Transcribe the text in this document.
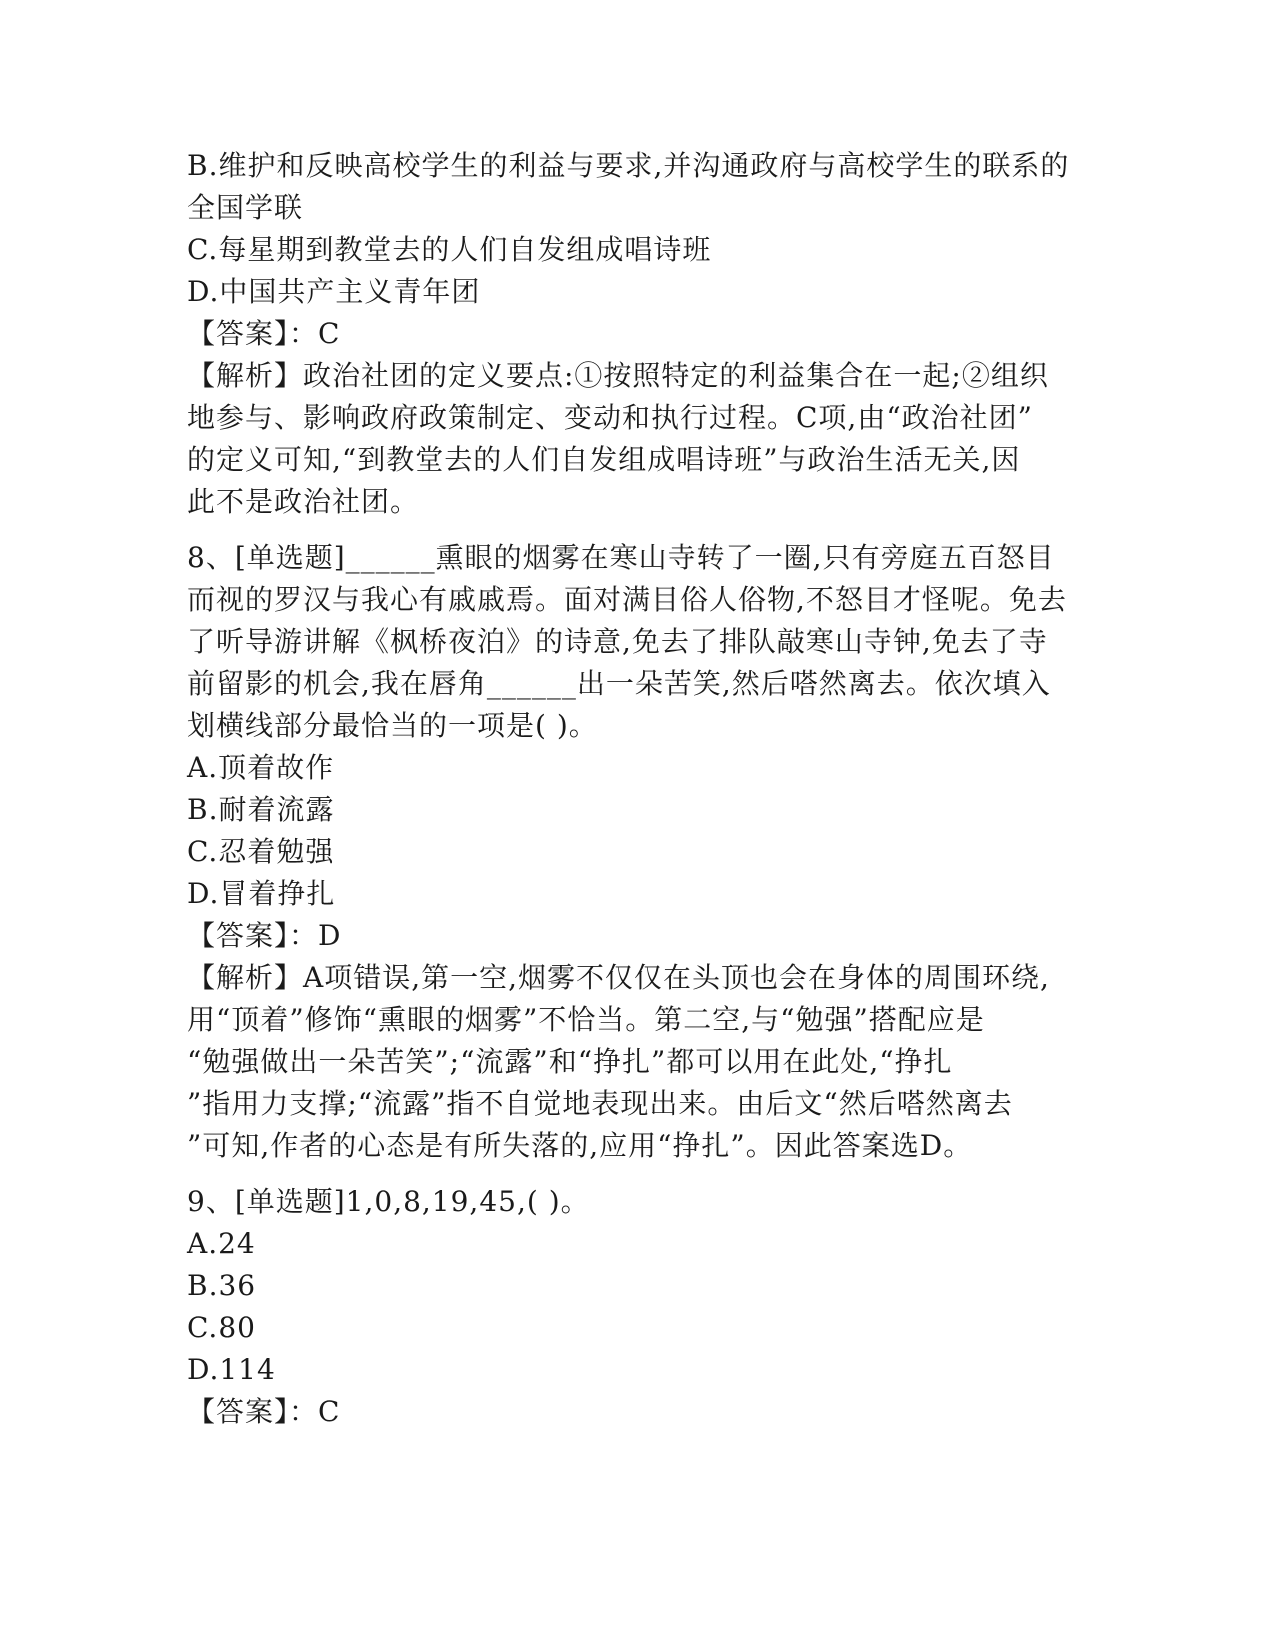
B.维护和反映高校学生的利益与要求,并沟通政府与高校学生的联系的
全国学联
C.每星期到教堂去的人们自发组成唱诗班
D.中国共产主义青年团
【答案】：C
【解析】政治社团的定义要点:①按照特定的利益集合在一起;②组织
地参与、影响政府政策制定、变动和执行过程。C项,由“政治社团”
的定义可知,“到教堂去的人们自发组成唱诗班”与政治生活无关,因
此不是政治社团。
8、[单选题]______熏眼的烟雾在寒山寺转了一圈,只有旁庭五百怒目
而视的罗汉与我心有戚戚焉。面对满目俗人俗物,不怒目才怪呢。免去
了听导游讲解《枫桥夜泊》的诗意,免去了排队敲寒山寺钟,免去了寺
前留影的机会,我在唇角______出一朵苦笑,然后嗒然离去。依次填入
划横线部分最恰当的一项是( )。
A.顶着故作
B.耐着流露
C.忍着勉强
D.冒着挣扎
【答案】：D
【解析】A项错误,第一空,烟雾不仅仅在头顶也会在身体的周围环绕,
用“顶着”修饰“熏眼的烟雾”不恰当。第二空,与“勉强”搭配应是
“勉强做出一朵苦笑”;“流露”和“挣扎”都可以用在此处,“挣扎
”指用力支撑;“流露”指不自觉地表现出来。由后文“然后嗒然离去
”可知,作者的心态是有所失落的,应用“挣扎”。因此答案选D。
9、[单选题]1,0,8,19,45,( )。
A.24
B.36
C.80
D.114
【答案】：C
